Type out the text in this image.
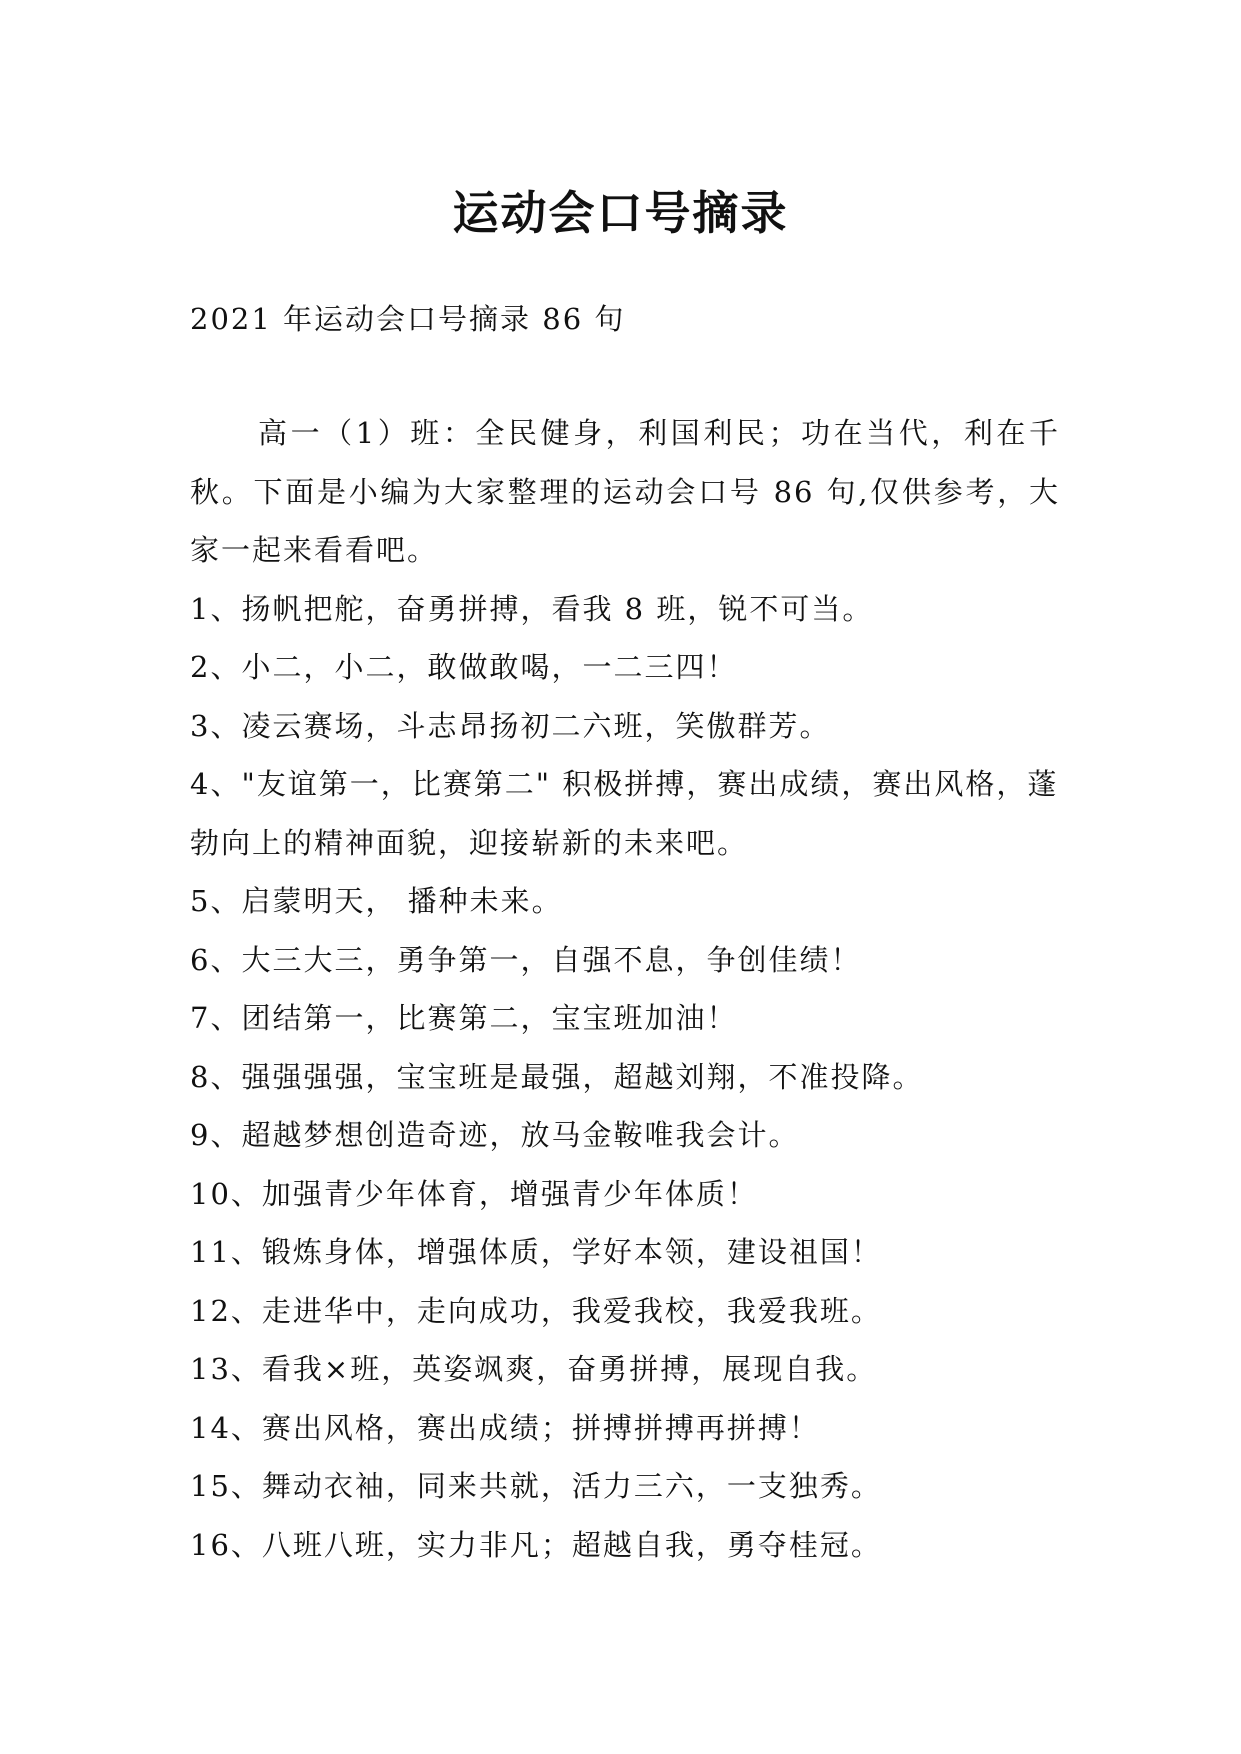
运动会口号摘录

2021 年运动会口号摘录 86 句

高一（1）班：全民健身，利国利民；功在当代，利在千秋。下面是小编为大家整理的运动会口号 86 句,仅供参考，大家一起来看看吧。

1、扬帆把舵，奋勇拼搏，看我 8 班，锐不可当。
2、小二，小二，敢做敢喝，一二三四！
3、凌云赛场，斗志昂扬初二六班，笑傲群芳。
4、"友谊第一，比赛第二" 积极拼搏，赛出成绩，赛出风格，蓬勃向上的精神面貌，迎接崭新的未来吧。
5、启蒙明天， 播种未来。
6、大三大三，勇争第一，自强不息，争创佳绩！
7、团结第一，比赛第二，宝宝班加油！
8、强强强强，宝宝班是最强，超越刘翔，不准投降。
9、超越梦想创造奇迹，放马金鞍唯我会计。
10、加强青少年体育，增强青少年体质！
11、锻炼身体，增强体质，学好本领，建设祖国！
12、走进华中，走向成功，我爱我校，我爱我班。
13、看我×班，英姿飒爽，奋勇拼搏，展现自我。
14、赛出风格，赛出成绩；拼搏拼搏再拼搏！
15、舞动衣袖，同来共就，活力三六，一支独秀。
16、八班八班，实力非凡；超越自我，勇夺桂冠。
